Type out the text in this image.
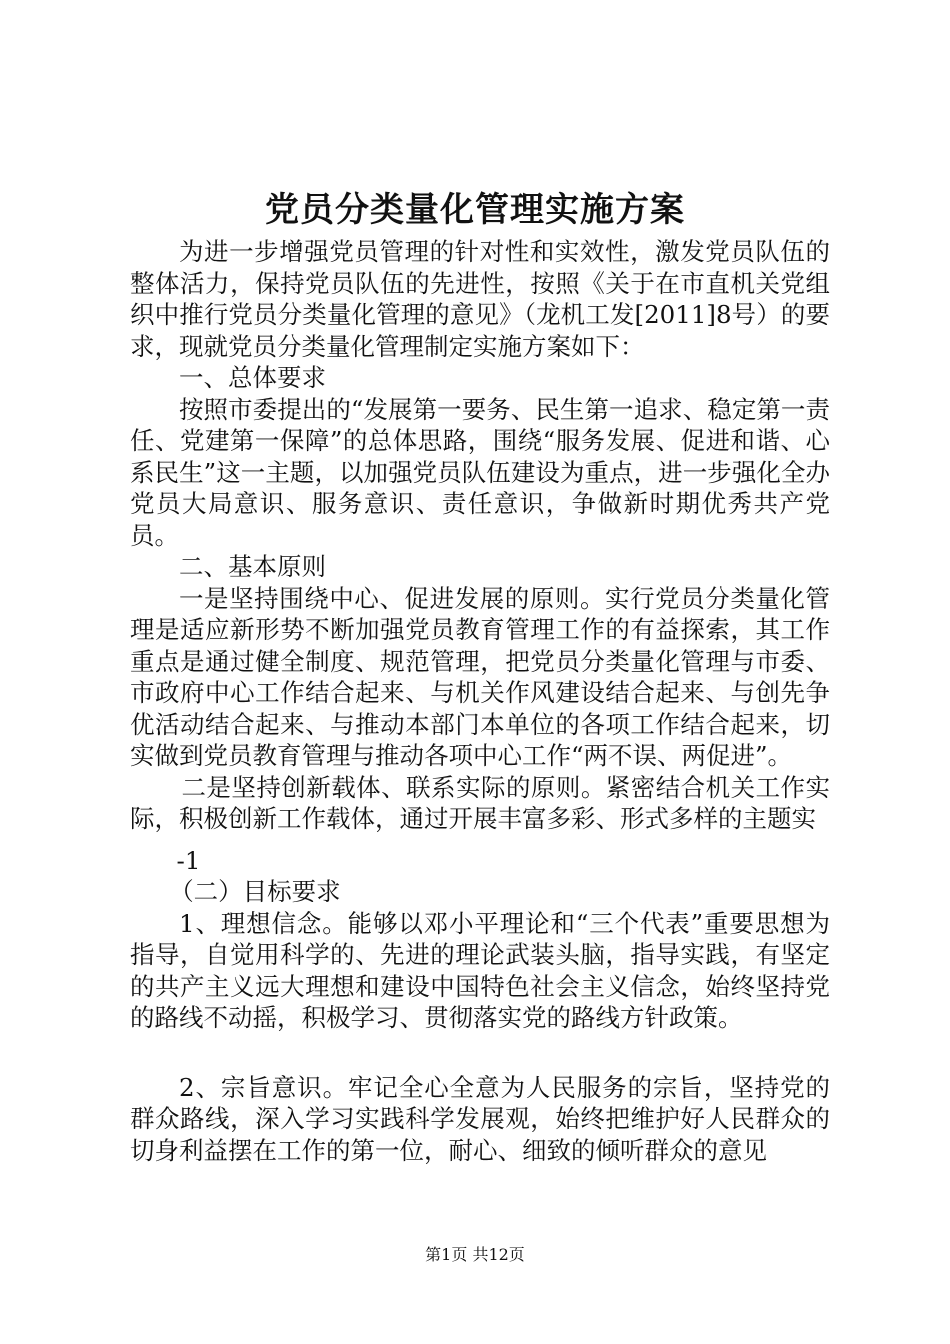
党员分类量化管理实施方案

为进一步增强党员管理的针对性和实效性，激发党员队伍的整体活力，保持党员队伍的先进性，按照《关于在市直机关党组织中推行党员分类量化管理的意见》（龙机工发[2011]8号）的要求，现就党员分类量化管理制定实施方案如下：

一、总体要求

按照市委提出的“发展第一要务、民生第一追求、稳定第一责任、党建第一保障”的总体思路，围绕“服务发展、促进和谐、心系民生”这一主题，以加强党员队伍建设为重点，进一步强化全办党员大局意识、服务意识、责任意识，争做新时期优秀共产党员。

二、基本原则

一是坚持围绕中心、促进发展的原则。实行党员分类量化管理是适应新形势不断加强党员教育管理工作的有益探索，其工作重点是通过健全制度、规范管理，把党员分类量化管理与市委、市政府中心工作结合起来、与机关作风建设结合起来、与创先争优活动结合起来、与推动本部门本单位的各项工作结合起来，切实做到党员教育管理与推动各项中心工作“两不误、两促进”。

二是坚持创新载体、联系实际的原则。紧密结合机关工作实际，积极创新工作载体，通过开展丰富多彩、形式多样的主题实

-1

（二）目标要求

1、理想信念。能够以邓小平理论和“三个代表”重要思想为指导，自觉用科学的、先进的理论武装头脑，指导实践，有坚定的共产主义远大理想和建设中国特色社会主义信念，始终坚持党的路线不动摇，积极学习、贯彻落实党的路线方针政策。

2、宗旨意识。牢记全心全意为人民服务的宗旨，坚持党的群众路线，深入学习实践科学发展观，始终把维护好人民群众的切身利益摆在工作的第一位，耐心、细致的倾听群众的意见

第1页 共12页
